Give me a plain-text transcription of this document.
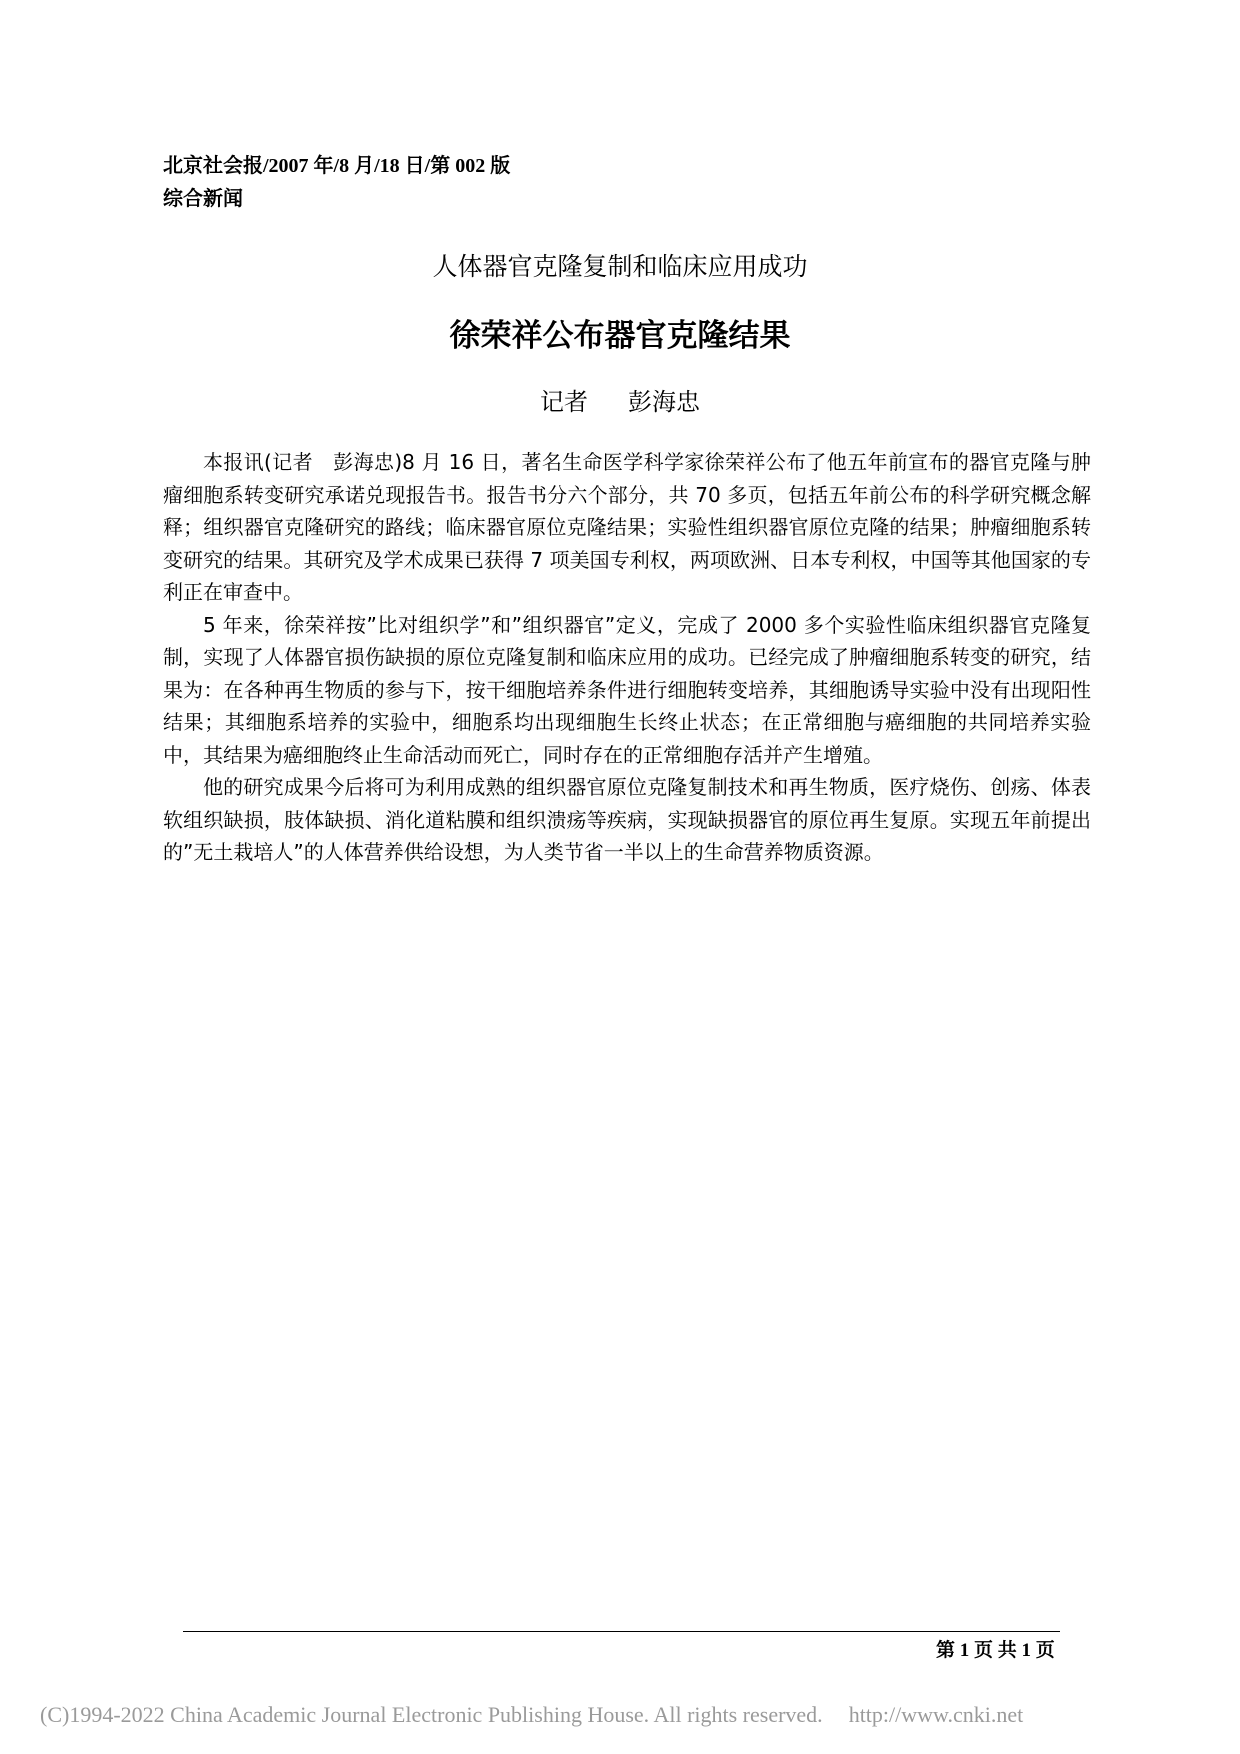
北京社会报/2007 年/8 月/18 日/第 002 版
综合新闻
人体器官克隆复制和临床应用成功
徐荣祥公布器官克隆结果
记者 彭海忠

本报讯(记者　彭海忠)8 月 16 日，著名生命医学科学家徐荣祥公布了他五年前宣布的器官克隆与肿瘤细胞系转变研究承诺兑现报告书。报告书分六个部分，共 70 多页，包括五年前公布的科学研究概念解释；组织器官克隆研究的路线；临床器官原位克隆结果；实验性组织器官原位克隆的结果；肿瘤细胞系转变研究的结果。其研究及学术成果已获得 7 项美国专利权，两项欧洲、日本专利权，中国等其他国家的专利正在审查中。

5 年来，徐荣祥按”比对组织学”和”组织器官”定义，完成了 2000 多个实验性临床组织器官克隆复制，实现了人体器官损伤缺损的原位克隆复制和临床应用的成功。已经完成了肿瘤细胞系转变的研究，结果为：在各种再生物质的参与下，按干细胞培养条件进行细胞转变培养，其细胞诱导实验中没有出现阳性结果；其细胞系培养的实验中，细胞系均出现细胞生长终止状态；在正常细胞与癌细胞的共同培养实验中，其结果为癌细胞终止生命活动而死亡，同时存在的正常细胞存活并产生增殖。

他的研究成果今后将可为利用成熟的组织器官原位克隆复制技术和再生物质，医疗烧伤、创疡、体表软组织缺损，肢体缺损、消化道粘膜和组织溃疡等疾病，实现缺损器官的原位再生复原。实现五年前提出的”无土栽培人”的人体营养供给设想，为人类节省一半以上的生命营养物质资源。

第 1 页 共 1 页
(C)1994-2022 China Academic Journal Electronic Publishing House. All rights reserved. http://www.cnki.net
